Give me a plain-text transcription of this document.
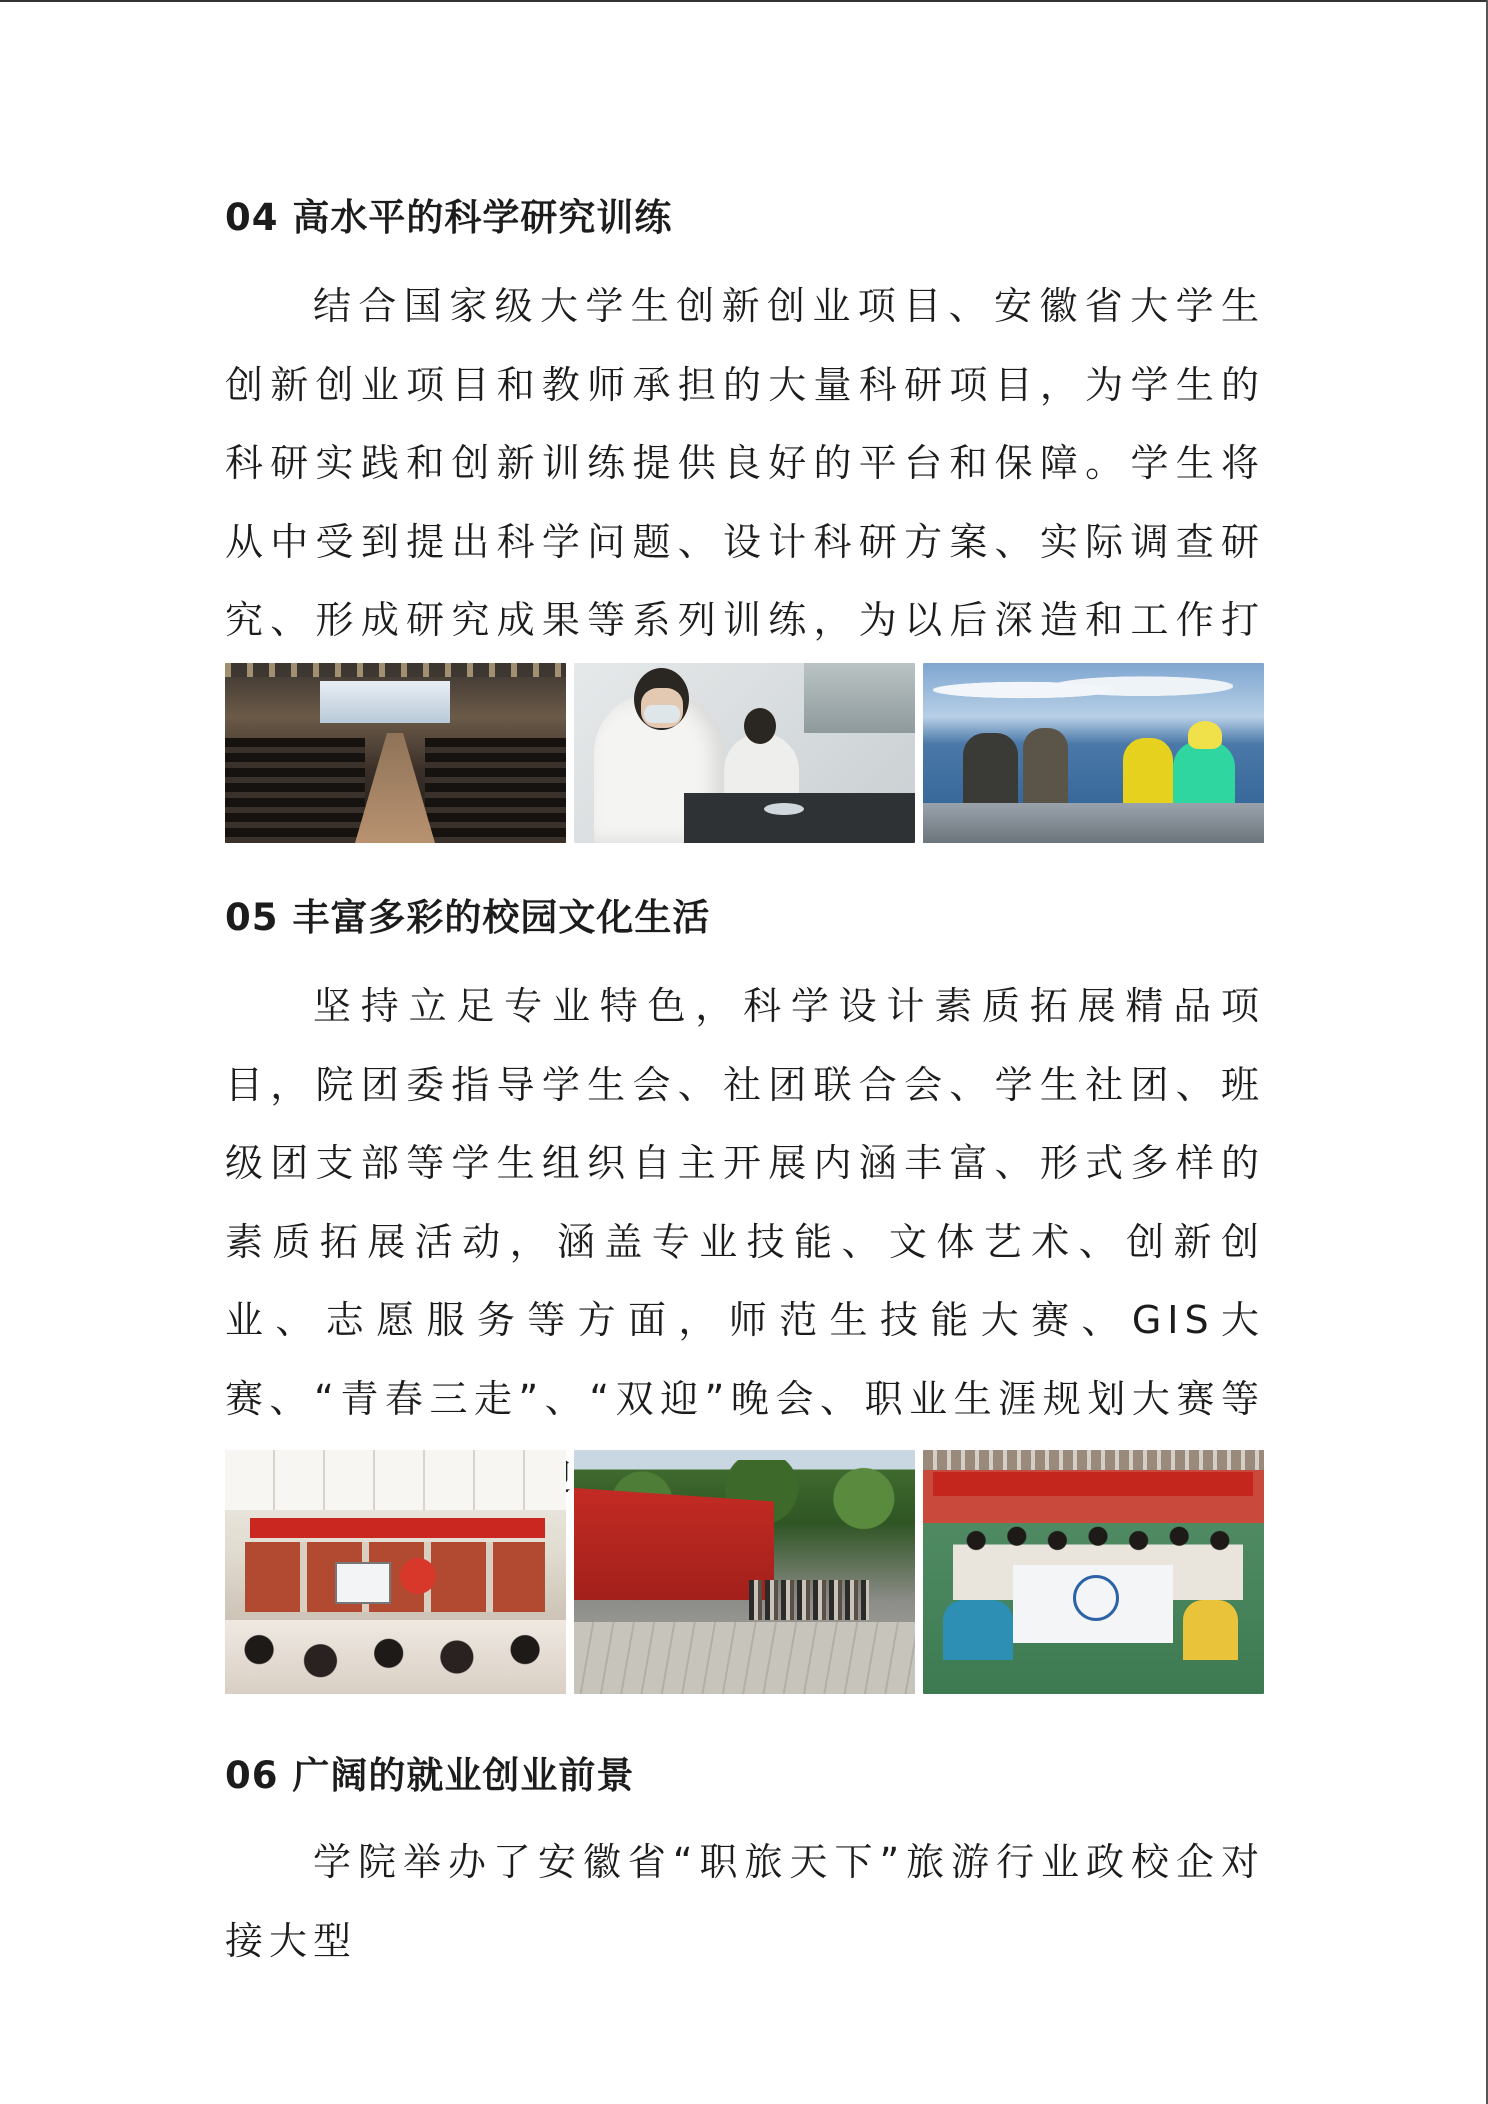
04 高水平的科学研究训练

结合国家级大学生创新创业项目、安徽省大学生创新创业项目和教师承担的大量科研项目，为学生的科研实践和创新训练提供良好的平台和保障。学生将从中受到提出科学问题、设计科研方案、实际调查研究、形成研究成果等系列训练，为以后深造和工作打

05 丰富多彩的校园文化生活

坚持立足专业特色，科学设计素质拓展精品项目，院团委指导学生会、社团联合会、学生社团、班级团支部等学生组织自主开展内涵丰富、形式多样的素质拓展活动，涵盖专业技能、文体艺术、创新创业、志愿服务等方面，师范生技能大赛、GIS大赛、“青春三走”、“双迎”晚会、职业生涯规划大赛等

06 广阔的就业创业前景

学院举办了安徽省“职旅天下”旅游行业政校企对接大型
